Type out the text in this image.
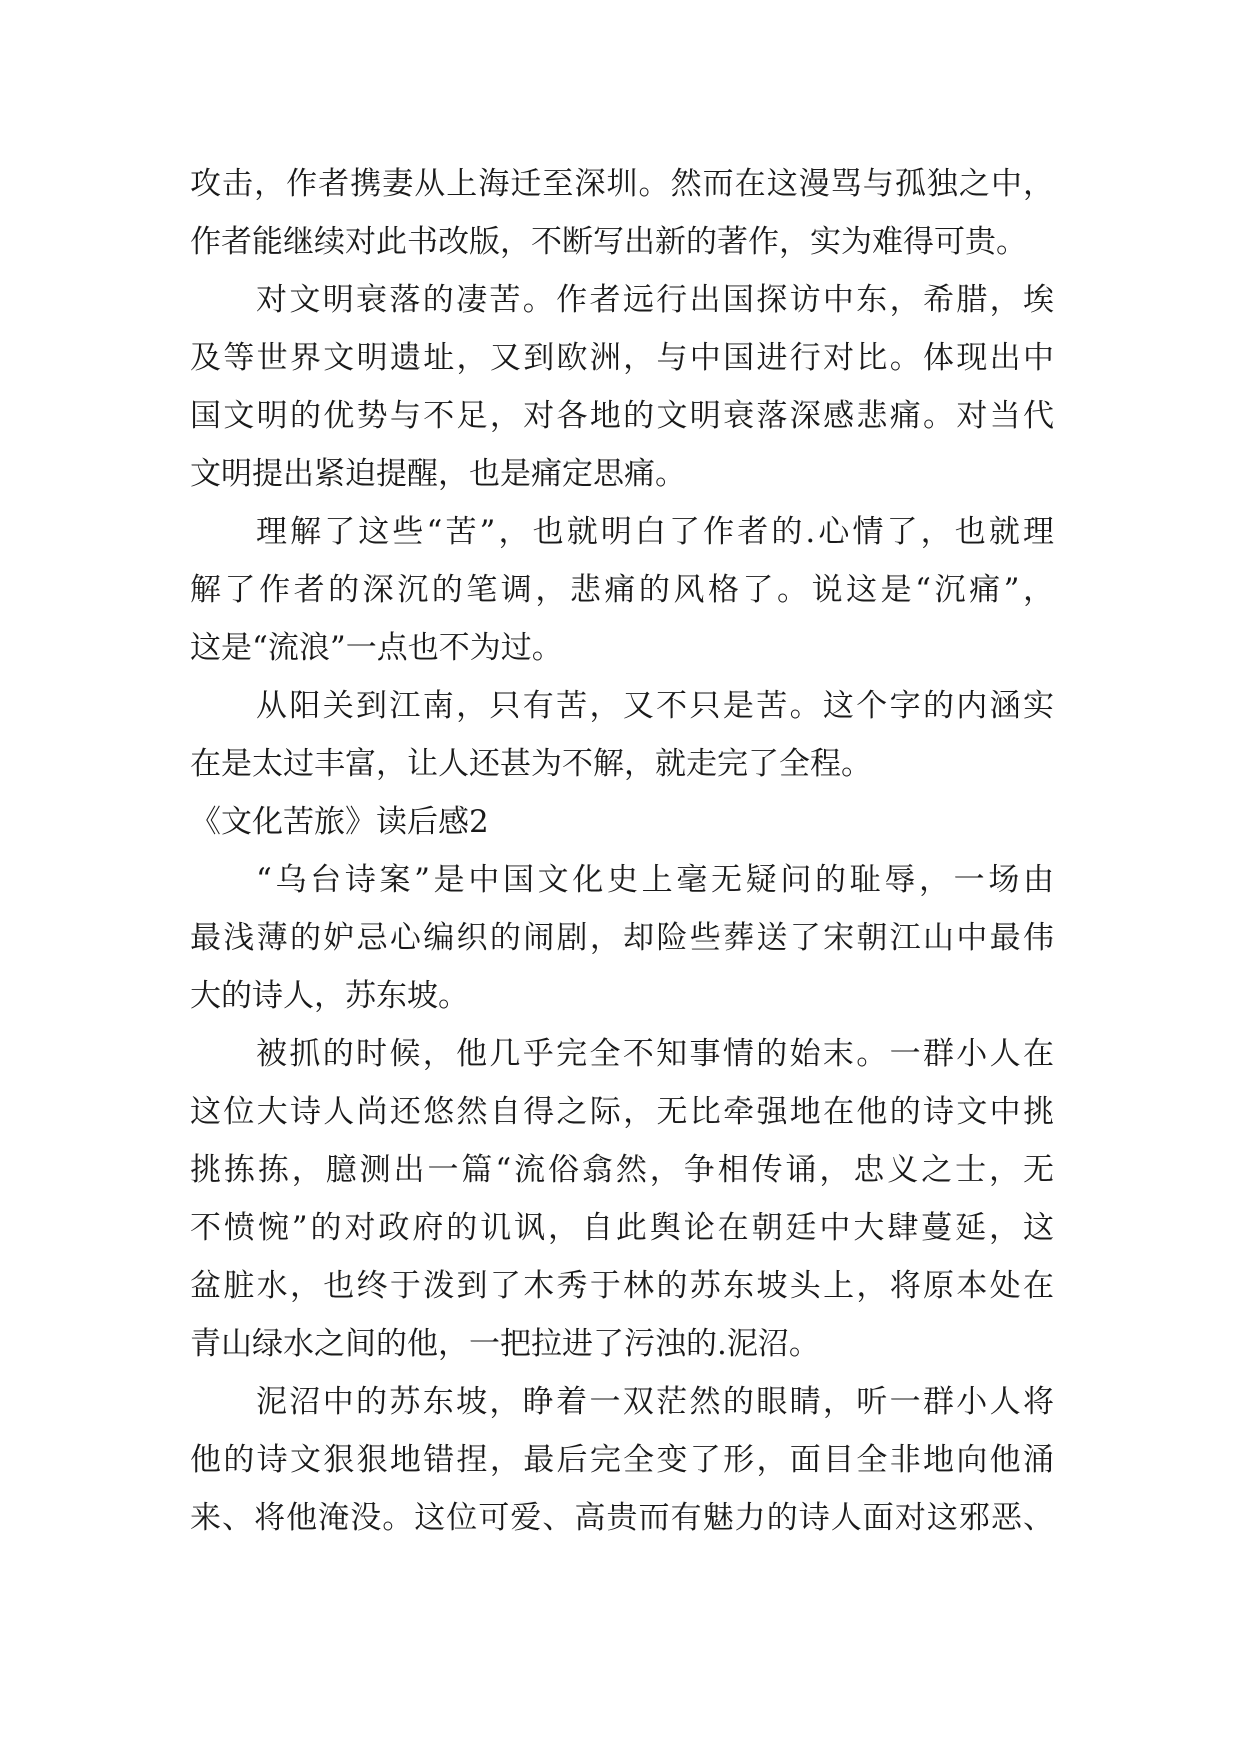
攻击，作者携妻从上海迁至深圳。然而在这漫骂与孤独之中，
作者能继续对此书改版，不断写出新的著作，实为难得可贵。
对文明衰落的凄苦。作者远行出国探访中东，希腊，埃
及等世界文明遗址，又到欧洲，与中国进行对比。体现出中
国文明的优势与不足，对各地的文明衰落深感悲痛。对当代
文明提出紧迫提醒，也是痛定思痛。
理解了这些“苦”，也就明白了作者的.心情了，也就理
解了作者的深沉的笔调，悲痛的风格了。说这是“沉痛”，
这是“流浪”一点也不为过。
从阳关到江南，只有苦，又不只是苦。这个字的内涵实
在是太过丰富，让人还甚为不解，就走完了全程。
《文化苦旅》读后感2
“乌台诗案”是中国文化史上毫无疑问的耻辱，一场由
最浅薄的妒忌心编织的闹剧，却险些葬送了宋朝江山中最伟
大的诗人，苏东坡。
被抓的时候，他几乎完全不知事情的始末。一群小人在
这位大诗人尚还悠然自得之际，无比牵强地在他的诗文中挑
挑拣拣，臆测出一篇“流俗翕然，争相传诵，忠义之士，无
不愤惋”的对政府的讥讽，自此舆论在朝廷中大肆蔓延，这
盆脏水，也终于泼到了木秀于林的苏东坡头上，将原本处在
青山绿水之间的他，一把拉进了污浊的.泥沼。
泥沼中的苏东坡，睁着一双茫然的眼睛，听一群小人将
他的诗文狠狠地错捏，最后完全变了形，面目全非地向他涌
来、将他淹没。这位可爱、高贵而有魅力的诗人面对这邪恶、
